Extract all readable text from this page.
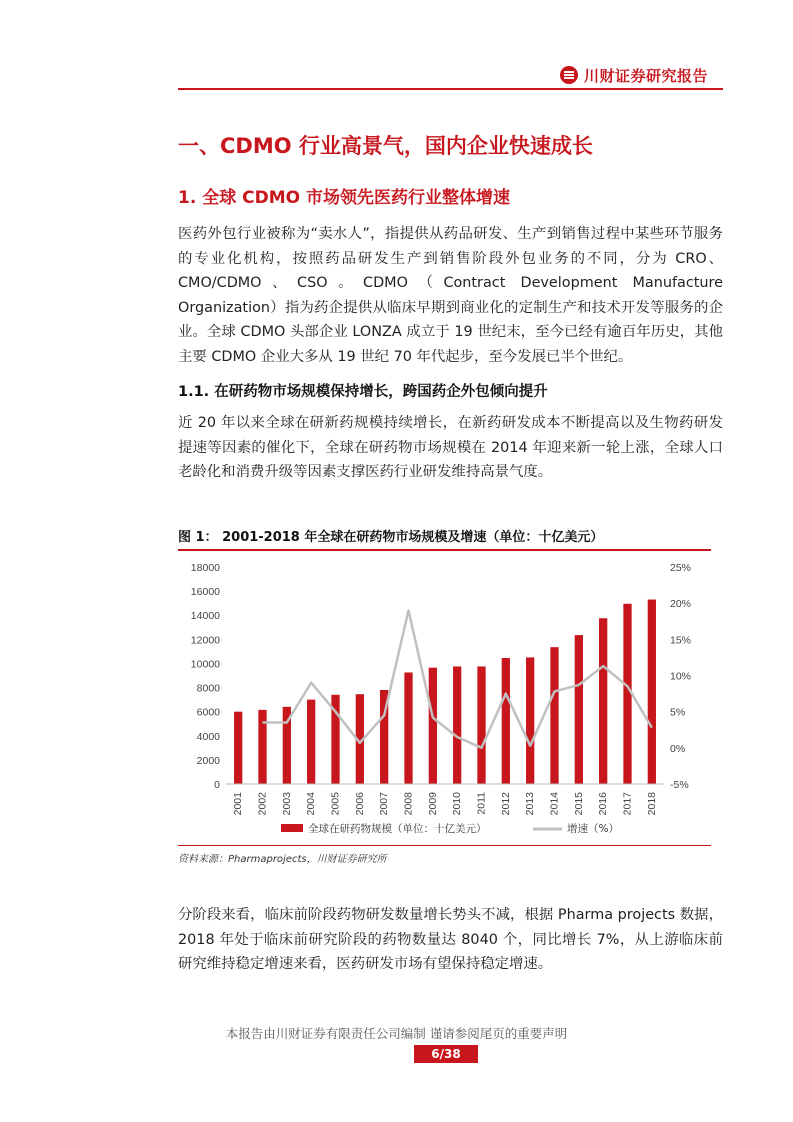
川财证券研究报告
一、CDMO 行业高景气，国内企业快速成长
1. 全球 CDMO 市场领先医药行业整体增速
医药外包行业被称为“卖水人”，指提供从药品研发、生产到销售过程中某些环节服务的专业化机构，按照药品研发生产到销售阶段外包业务的不同，分为 CRO、CMO/CDMO、CSO。CDMO（Contract Development Manufacture Organization）指为药企提供从临床早期到商业化的定制生产和技术开发等服务的企业。全球 CDMO 头部企业 LONZA 成立于 19 世纪末，至今已经有逾百年历史，其他主要 CDMO 企业大多从 19 世纪 70 年代起步，至今发展已半个世纪。
1.1. 在研药物市场规模保持增长，跨国药企外包倾向提升
近 20 年以来全球在研新药规模持续增长，在新药研发成本不断提高以及生物药研发提速等因素的催化下，全球在研药物市场规模在 2014 年迎来新一轮上涨，全球人口老龄化和消费升级等因素支撑医药行业研发维持高景气度。
图 1： 2001-2018 年全球在研药物市场规模及增速（单位：十亿美元）
0
2000
4000
6000
8000
10000
12000
14000
16000
18000
-5%
0%
5%
10%
15%
20%
25%
2001 2002 2003 2004 2005 2006 2007 2008 2009 2010 2011 2012 2013 2014 2015 2016 2017 2018
全球在研药物规模（单位：十亿美元）	增速（%）
资料来源：Pharmaprojects，川财证券研究所
分阶段来看，临床前阶段药物研发数量增长势头不减，根据 Pharma projects 数据，2018 年处于临床前研究阶段的药物数量达 8040 个，同比增长 7%，从上游临床前研究维持稳定增速来看，医药研发市场有望保持稳定增速。
本报告由川财证券有限责任公司编制 谨请参阅尾页的重要声明
6/38
